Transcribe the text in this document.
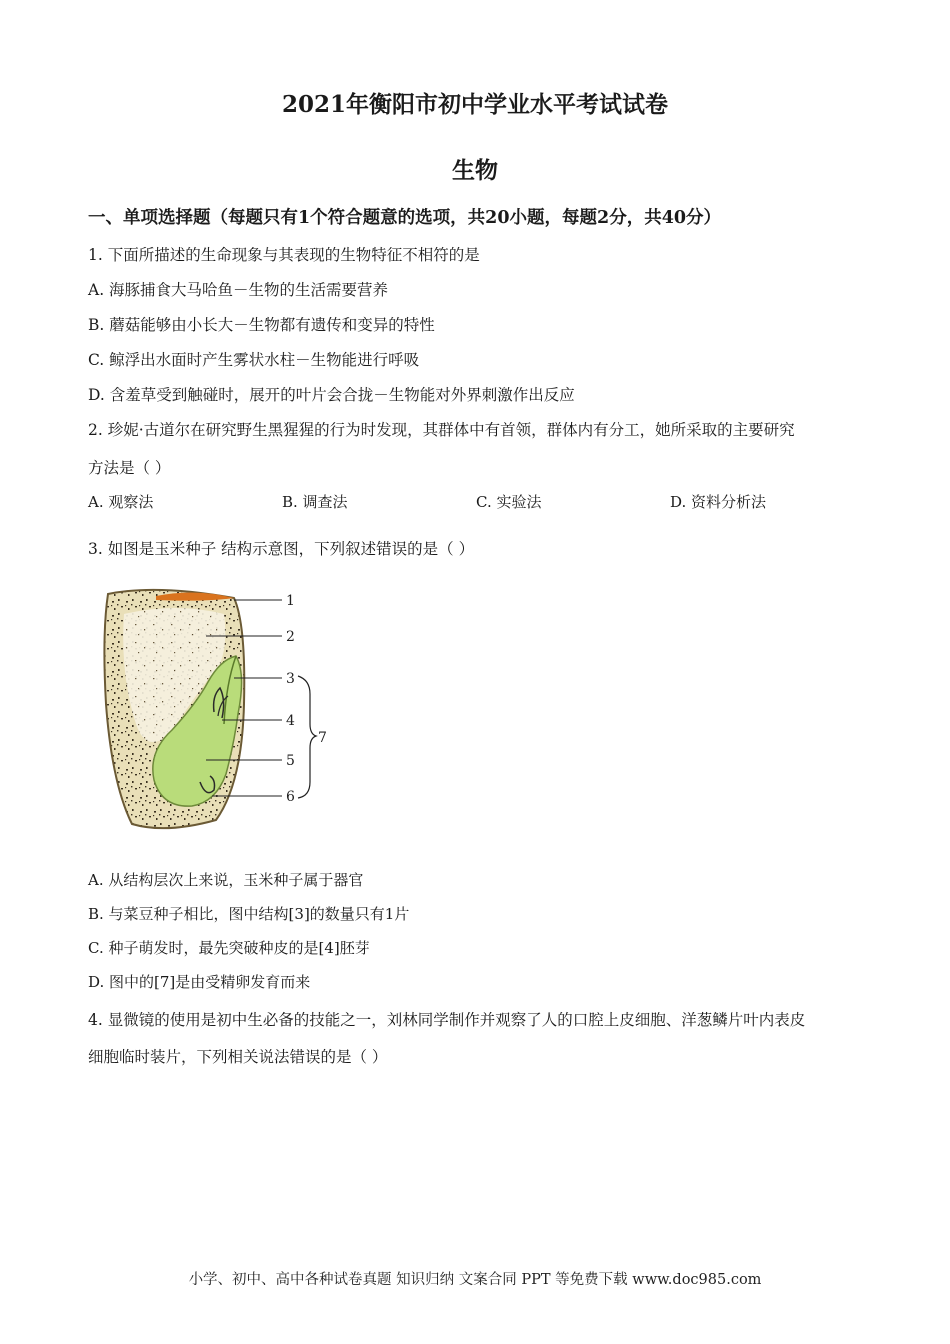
2021年衡阳市初中学业水平考试试卷
生物
一、单项选择题（每题只有1个符合题意的选项，共20小题，每题2分，共40分）
1. 下面所描述的生命现象与其表现的生物特征不相符的是
A. 海豚捕食大马哈鱼－生物的生活需要营养
B. 蘑菇能够由小长大－生物都有遗传和变异的特性
C. 鲸浮出水面时产生雾状水柱－生物能进行呼吸
D. 含羞草受到触碰时，展开的叶片会合拢－生物能对外界刺激作出反应
2. 珍妮·古道尔在研究野生黑猩猩的行为时发现，其群体中有首领，群体内有分工，她所采取的主要研究
方法是（ ）
A. 观察法	B. 调查法	C. 实验法	D. 资料分析法
3. 如图是玉米种子 结构示意图，下列叙述错误的是（ ）
1
2
3
4
5
6
7
A. 从结构层次上来说，玉米种子属于器官
B. 与菜豆种子相比，图中结构[3]的数量只有1片
C. 种子萌发时，最先突破种皮的是[4]胚芽
D. 图中的[7]是由受精卵发育而来
4. 显微镜的使用是初中生必备的技能之一，刘林同学制作并观察了人的口腔上皮细胞、洋葱鳞片叶内表皮
细胞临时装片，下列相关说法错误的是（ ）
小学、初中、高中各种试卷真题 知识归纳 文案合同 PPT 等免费下载 www.doc985.com
